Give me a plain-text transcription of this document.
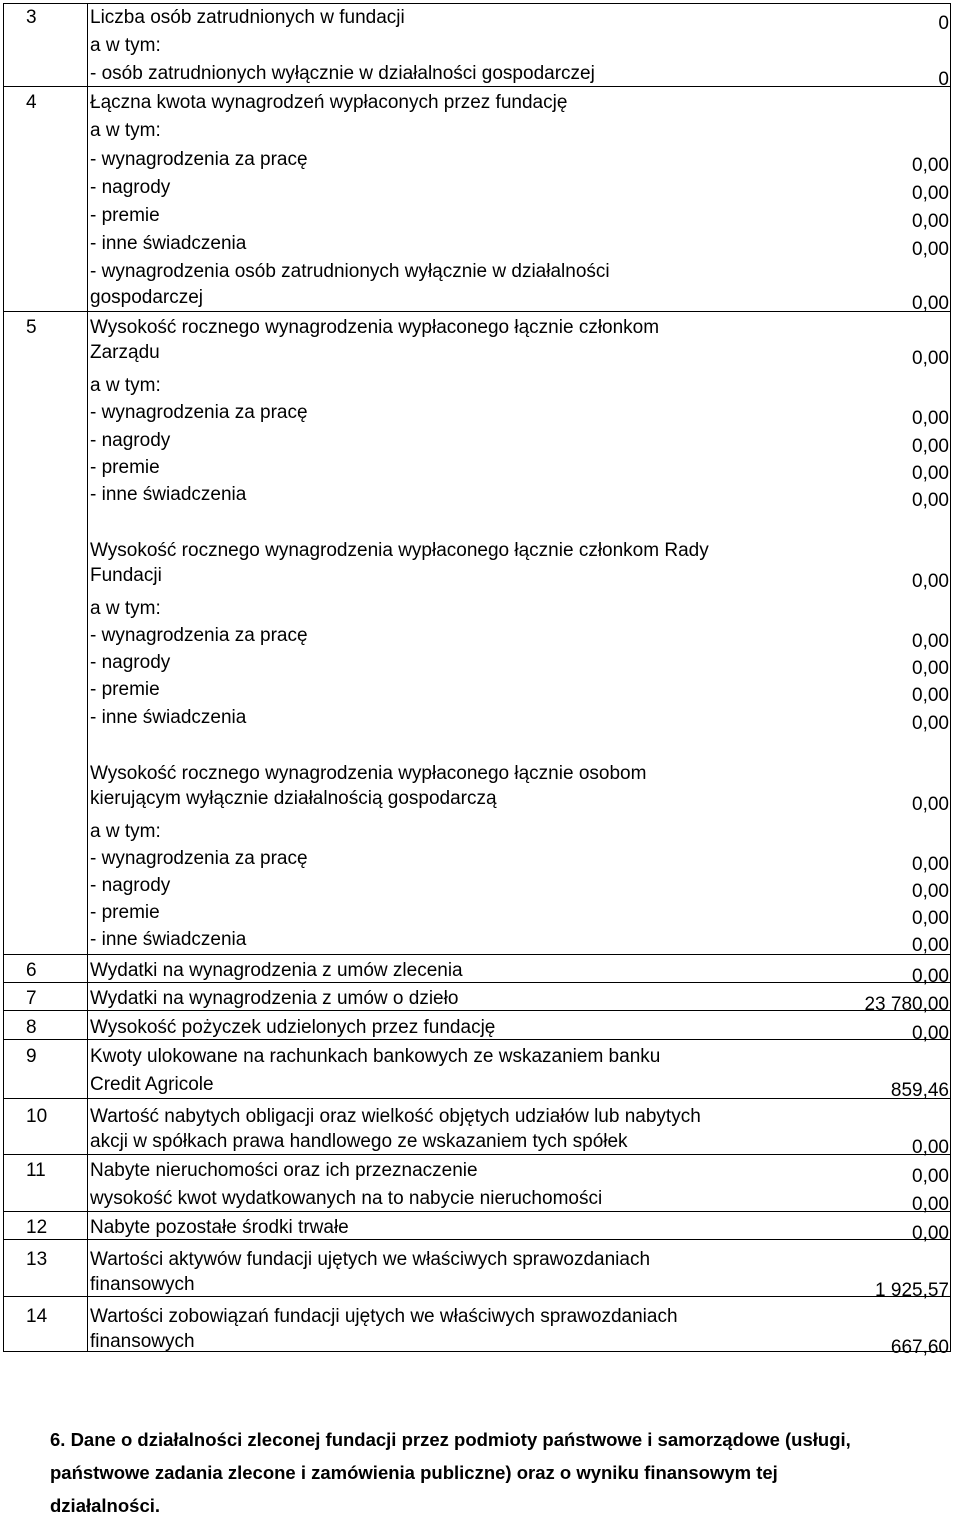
3	Liczba osób zatrudnionych w fundacji	0
a w tym:
- osób zatrudnionych wyłącznie w działalności gospodarczej	0
4	Łączna kwota wynagrodzeń wypłaconych przez fundację
a w tym:
- wynagrodzenia za pracę	0,00
- nagrody	0,00
- premie	0,00
- inne świadczenia	0,00
- wynagrodzenia osób zatrudnionych wyłącznie w działalności
gospodarczej	0,00
5	Wysokość rocznego wynagrodzenia wypłaconego łącznie członkom
Zarządu	0,00
a w tym:
- wynagrodzenia za pracę	0,00
- nagrody	0,00
- premie	0,00
- inne świadczenia	0,00
Wysokość rocznego wynagrodzenia wypłaconego łącznie członkom Rady
Fundacji	0,00
a w tym:
- wynagrodzenia za pracę	0,00
- nagrody	0,00
- premie	0,00
- inne świadczenia	0,00
Wysokość rocznego wynagrodzenia wypłaconego łącznie osobom
kierującym wyłącznie działalnością gospodarczą	0,00
a w tym:
- wynagrodzenia za pracę	0,00
- nagrody	0,00
- premie	0,00
- inne świadczenia	0,00
6	Wydatki na wynagrodzenia z umów zlecenia	0,00
7	Wydatki na wynagrodzenia z umów o dzieło	23 780,00
8	Wysokość pożyczek udzielonych przez fundację	0,00
9	Kwoty ulokowane na rachunkach bankowych ze wskazaniem banku
Credit Agricole	859,46
10 Wartość nabytych obligacji oraz wielkość objętych udziałów lub nabytych
akcji w spółkach prawa handlowego ze wskazaniem tych spółek	0,00
11 Nabyte nieruchomości oraz ich przeznaczenie	0,00
wysokość kwot wydatkowanych na to nabycie nieruchomości	0,00
12 Nabyte pozostałe środki trwałe	0,00
13 Wartości aktywów fundacji ujętych we właściwych sprawozdaniach
finansowych	1 925,57
14 Wartości zobowiązań fundacji ujętych we właściwych sprawozdaniach
finansowych	667,60
6. Dane o działalności zleconej fundacji przez podmioty państwowe i samorządowe (usługi,
państwowe zadania zlecone i zamówienia publiczne) oraz o wyniku finansowym tej
działalności.
